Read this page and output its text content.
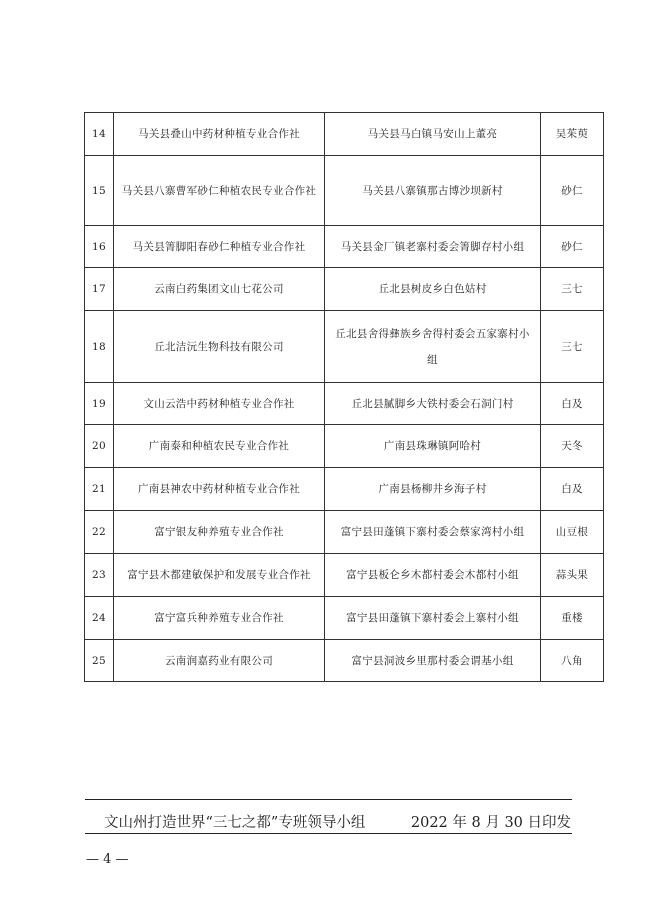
14	马关县叠山中药材种植专业合作社	马关县马白镇马安山上董亮	吴茱萸
15	马关县八寨曹军砂仁种植农民专业合作社	马关县八寨镇那古博沙坝新村	砂仁
16	马关县箐脚阳春砂仁种植专业合作社	马关县金厂镇老寨村委会箐脚存村小组	砂仁
17	云南白药集团文山七花公司	丘北县树皮乡白色姑村	三七
18	丘北洁沅生物科技有限公司	丘北县舍得彝族乡舍得村委会五家寨村小组	三七
19	文山云浩中药材种植专业合作社	丘北县腻脚乡大铁村委会石洞门村	白及
20	广南泰和种植农民专业合作社	广南县珠琳镇阿哈村	天冬
21	广南县神农中药材种植专业合作社	广南县杨柳井乡海子村	白及
22	富宁银友种养殖专业合作社	富宁县田蓬镇下寨村委会蔡家湾村小组	山豆根
23	富宁县木都建敏保护和发展专业合作社	富宁县板仑乡木都村委会木都村小组	蒜头果
24	富宁富兵种养殖专业合作社	富宁县田蓬镇下寨村委会上寨村小组	重楼
25	云南润嘉药业有限公司	富宁县洞波乡里那村委会谓基小组	八角
文山州打造世界“三七之都”专班领导小组	2022 年 8 月 30 日印发
— 4 —
